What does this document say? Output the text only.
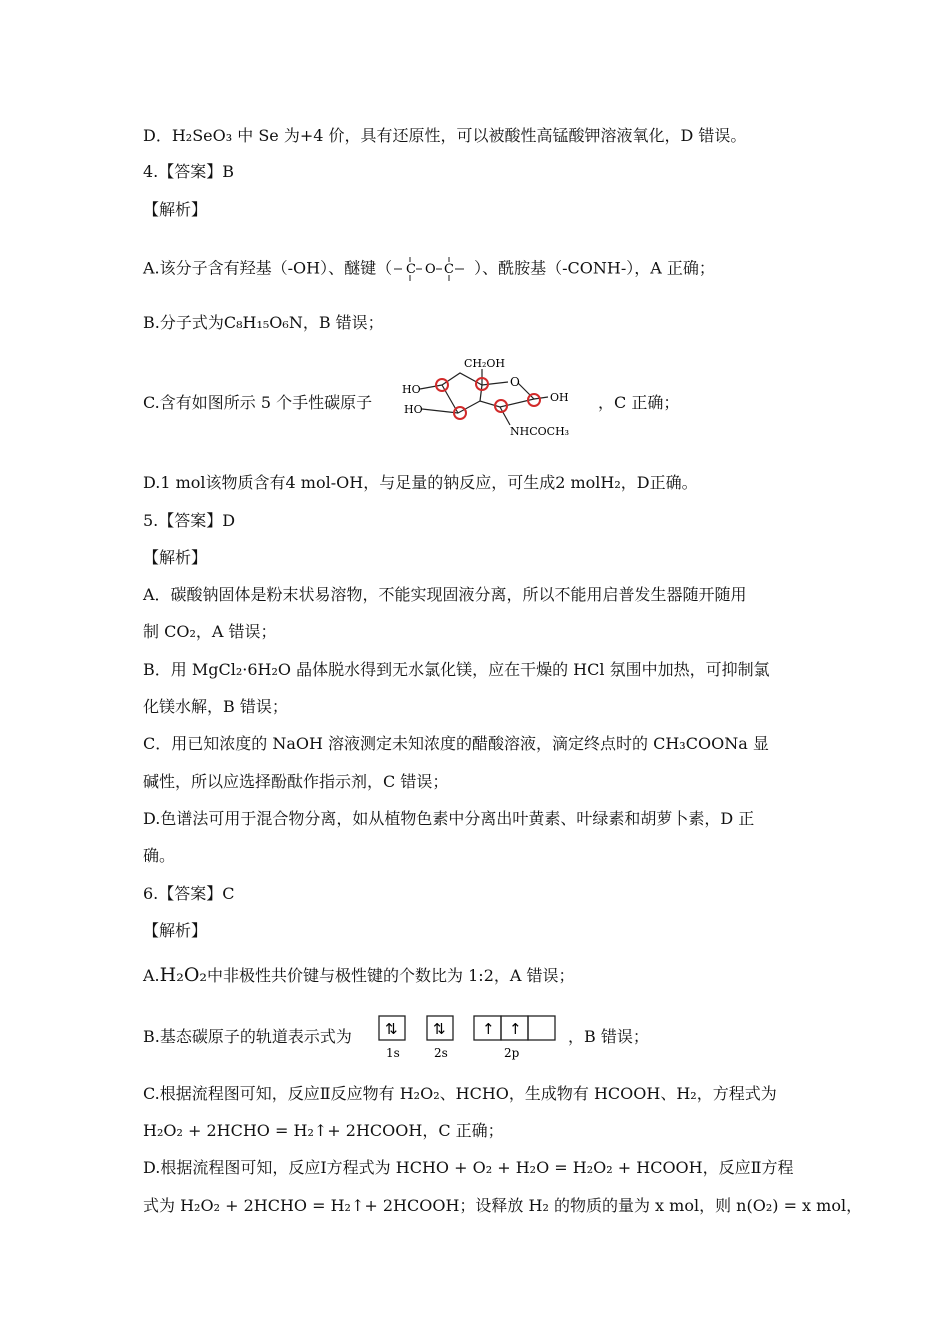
D．H₂SeO₃ 中 Se 为+4 价，具有还原性，可以被酸性高锰酸钾溶液氧化，D 错误。
4.【答案】B
【解析】
A.该分子含有羟基（-OH）、醚键（ C O C ）、酰胺基（-CONH-），A 正确；
B.分子式为C₈H₁₅O₆N，B 错误；
C.含有如图所示 5 个手性碳原子
CH₂OH
O
HO
HO
OH
NHCOCH₃
，C 正确；
D.1 mol该物质含有4 mol-OH，与足量的钠反应，可生成2 molH₂，D正确。
5.【答案】D
【解析】
A．碳酸钠固体是粉末状易溶物，不能实现固液分离，所以不能用启普发生器随开随用
制 CO₂，A 错误；
B．用 MgCl₂·6H₂O 晶体脱水得到无水氯化镁，应在干燥的 HCl 氛围中加热，可抑制氯
化镁水解，B 错误；
C．用已知浓度的 NaOH 溶液测定未知浓度的醋酸溶液，滴定终点时的 CH₃COONa 显
碱性，所以应选择酚酞作指示剂，C 错误；
D.色谱法可用于混合物分离，如从植物色素中分离出叶黄素、叶绿素和胡萝卜素，D 正
确。
6.【答案】C
【解析】
A.H₂O₂中非极性共价键与极性键的个数比为 1:2，A 错误；
B.基态碳原子的轨道表示式为 ⇅ ⇅ ↑ ↑
1s	2s	2p
，B 错误；
C.根据流程图可知，反应Ⅱ反应物有 H₂O₂、HCHO，生成物有 HCOOH、H₂，方程式为
H₂O₂ + 2HCHO = H₂↑+ 2HCOOH，C 正确；
D.根据流程图可知，反应Ⅰ方程式为 HCHO + O₂ + H₂O = H₂O₂ + HCOOH，反应Ⅱ方程
式为 H₂O₂ + 2HCHO = H₂↑+ 2HCOOH；设释放 H₂ 的物质的量为 x mol，则 n(O₂) = x mol，
